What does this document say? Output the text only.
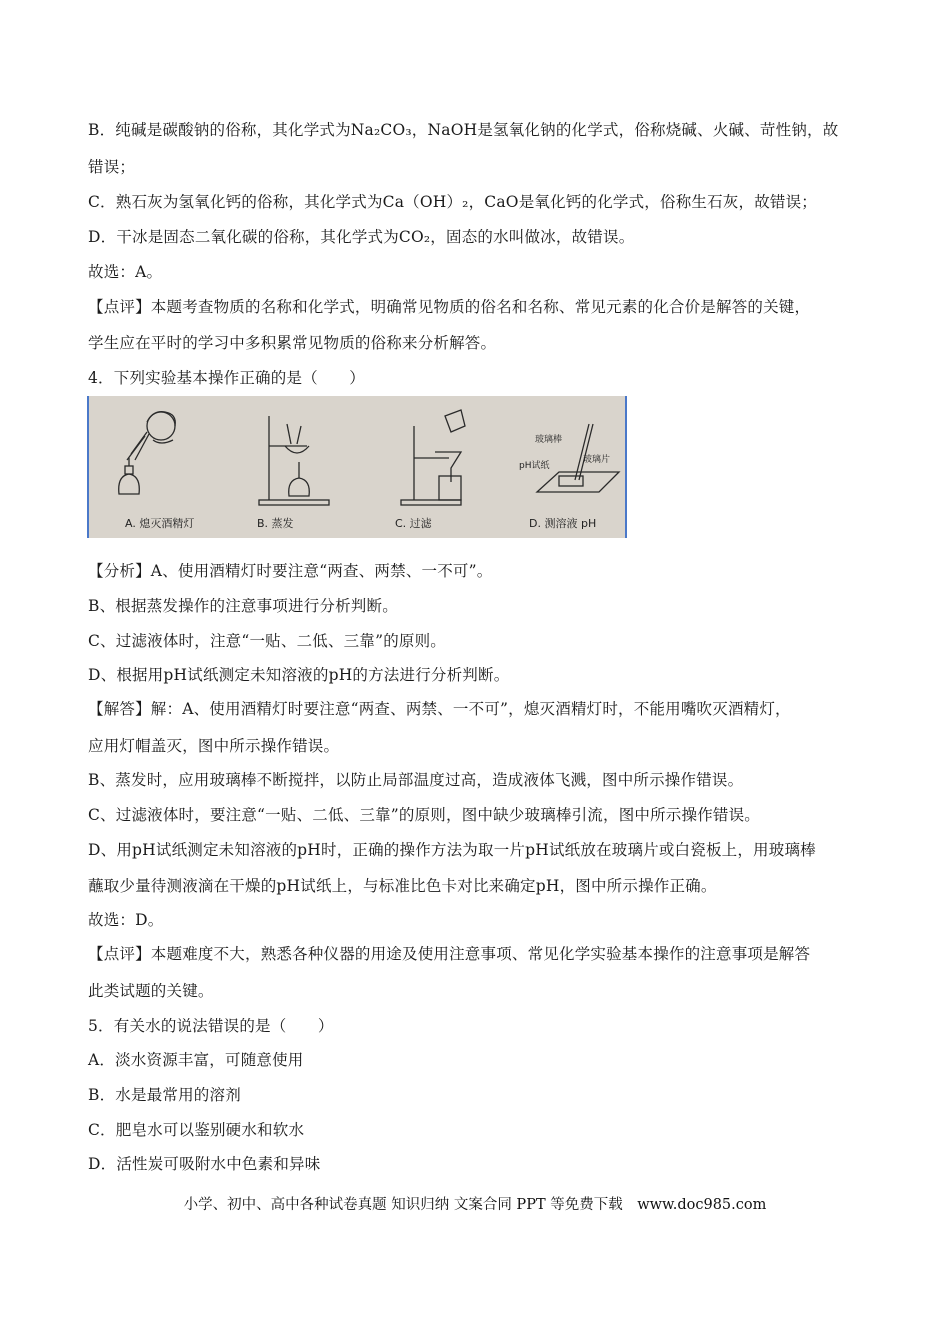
B．纯碱是碳酸钠的俗称，其化学式为Na₂CO₃，NaOH是氢氧化钠的化学式，俗称烧碱、火碱、苛性钠，故
错误；
C．熟石灰为氢氧化钙的俗称，其化学式为Ca（OH）₂，CaO是氧化钙的化学式，俗称生石灰，故错误；
D．干冰是固态二氧化碳的俗称，其化学式为CO₂，固态的水叫做冰，故错误。
故选：A。
【点评】本题考查物质的名称和化学式，明确常见物质的俗名和名称、常见元素的化合价是解答的关键，
学生应在平时的学习中多积累常见物质的俗称来分析解答。
4．下列实验基本操作正确的是（　　）
A. 熄灭酒精灯	B. 蒸发	C. 过滤	D. 测溶液 pH
玻璃棒
pH试纸
玻璃片
【分析】A、使用酒精灯时要注意“两查、两禁、一不可”。
B、根据蒸发操作的注意事项进行分析判断。
C、过滤液体时，注意“一贴、二低、三靠”的原则。
D、根据用pH试纸测定未知溶液的pH的方法进行分析判断。
【解答】解：A、使用酒精灯时要注意“两查、两禁、一不可”，熄灭酒精灯时，不能用嘴吹灭酒精灯，
应用灯帽盖灭，图中所示操作错误。
B、蒸发时，应用玻璃棒不断搅拌，以防止局部温度过高，造成液体飞溅，图中所示操作错误。
C、过滤液体时，要注意“一贴、二低、三靠”的原则，图中缺少玻璃棒引流，图中所示操作错误。
D、用pH试纸测定未知溶液的pH时，正确的操作方法为取一片pH试纸放在玻璃片或白瓷板上，用玻璃棒
蘸取少量待测液滴在干燥的pH试纸上，与标准比色卡对比来确定pH，图中所示操作正确。
故选：D。
【点评】本题难度不大，熟悉各种仪器的用途及使用注意事项、常见化学实验基本操作的注意事项是解答
此类试题的关键。
5．有关水的说法错误的是（　　）
A．淡水资源丰富，可随意使用
B．水是最常用的溶剂
C．肥皂水可以鉴别硬水和软水
D．活性炭可吸附水中色素和异味
小学、初中、高中各种试卷真题 知识归纳 文案合同 PPT 等免费下载　www.doc985.com
